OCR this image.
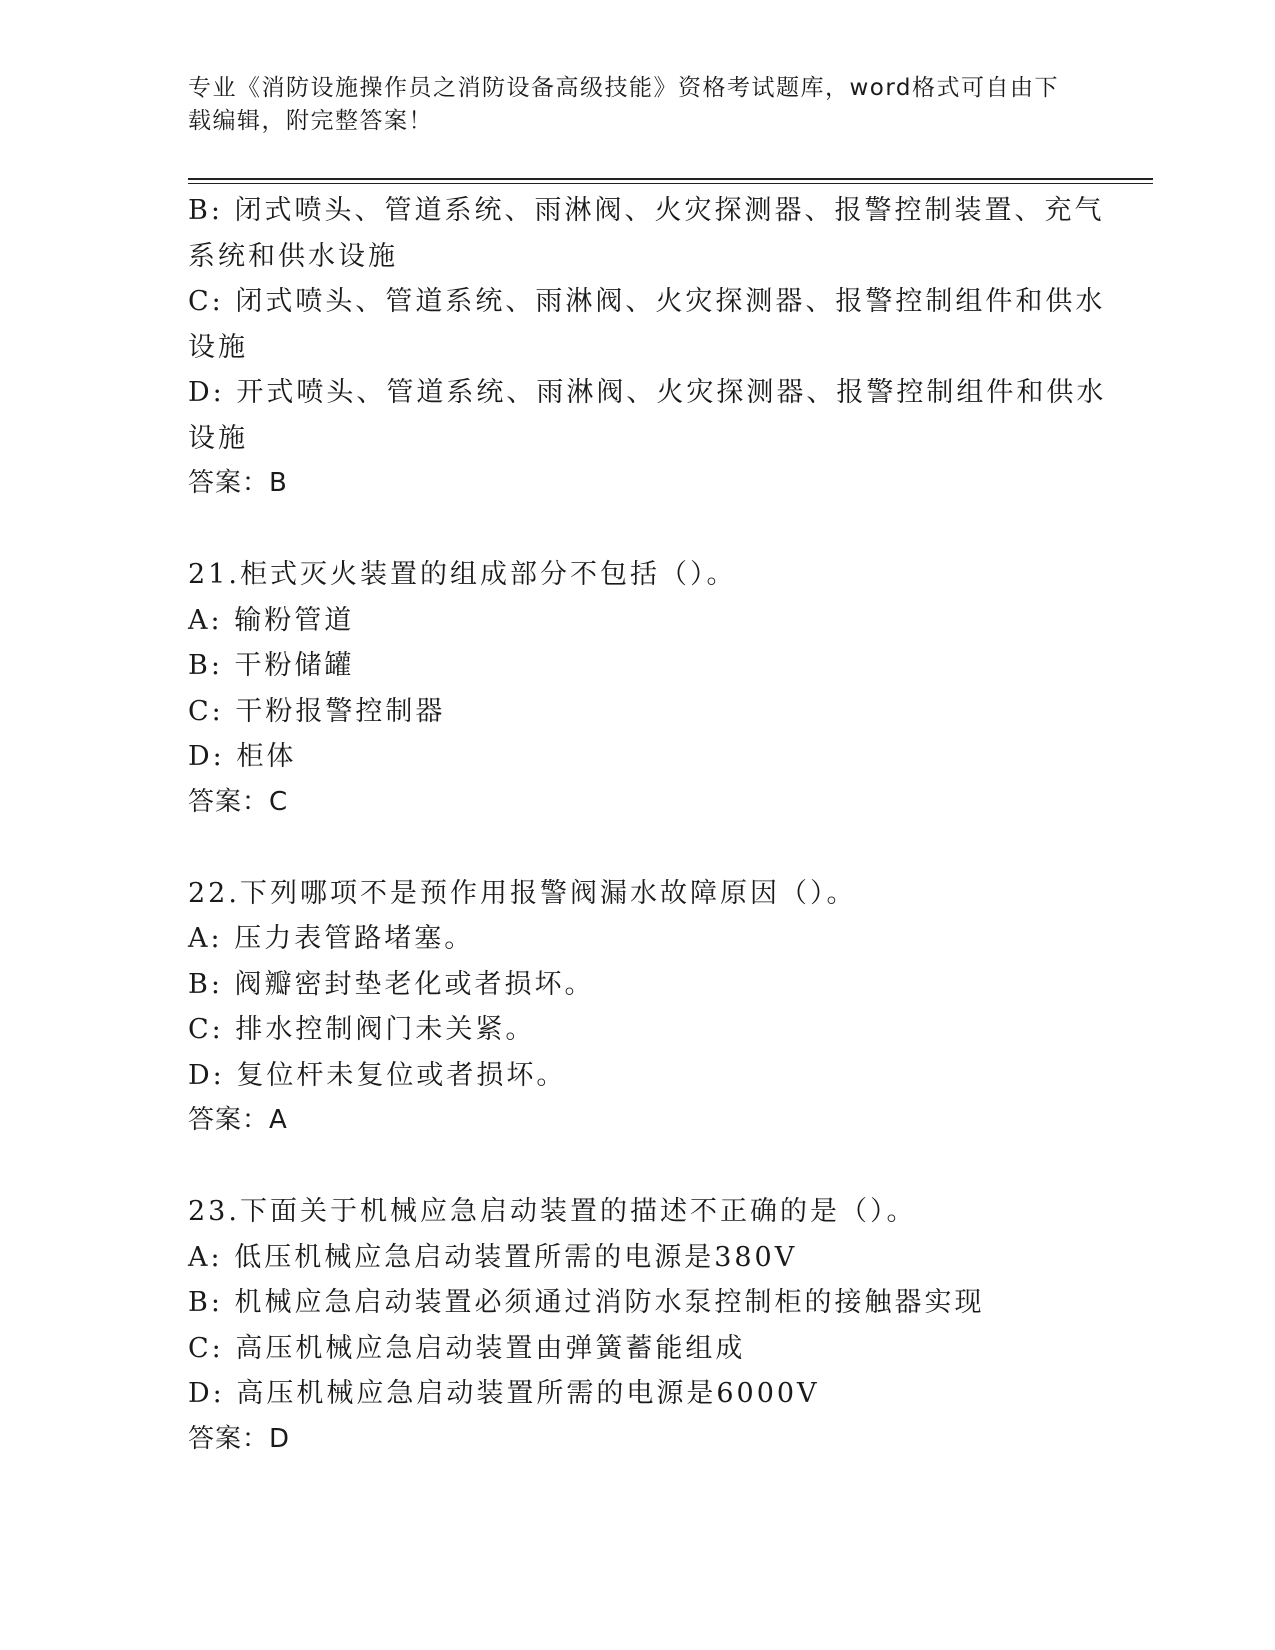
专业《消防设施操作员之消防设备高级技能》资格考试题库，word格式可自由下
载编辑，附完整答案！
B: 闭式喷头、管道系统、雨淋阀、火灾探测器、报警控制装置、充气
系统和供水设施
C: 闭式喷头、管道系统、雨淋阀、火灾探测器、报警控制组件和供水
设施
D: 开式喷头、管道系统、雨淋阀、火灾探测器、报警控制组件和供水
设施
答案：B
21.柜式灭火装置的组成部分不包括（）。
A: 输粉管道
B: 干粉储罐
C: 干粉报警控制器
D: 柜体
答案：C
22.下列哪项不是预作用报警阀漏水故障原因（）。
A: 压力表管路堵塞。
B: 阀瓣密封垫老化或者损坏。
C: 排水控制阀门未关紧。
D: 复位杆未复位或者损坏。
答案：A
23.下面关于机械应急启动装置的描述不正确的是（）。
A: 低压机械应急启动装置所需的电源是380V
B: 机械应急启动装置必须通过消防水泵控制柜的接触器实现
C: 高压机械应急启动装置由弹簧蓄能组成
D: 高压机械应急启动装置所需的电源是6000V
答案：D
